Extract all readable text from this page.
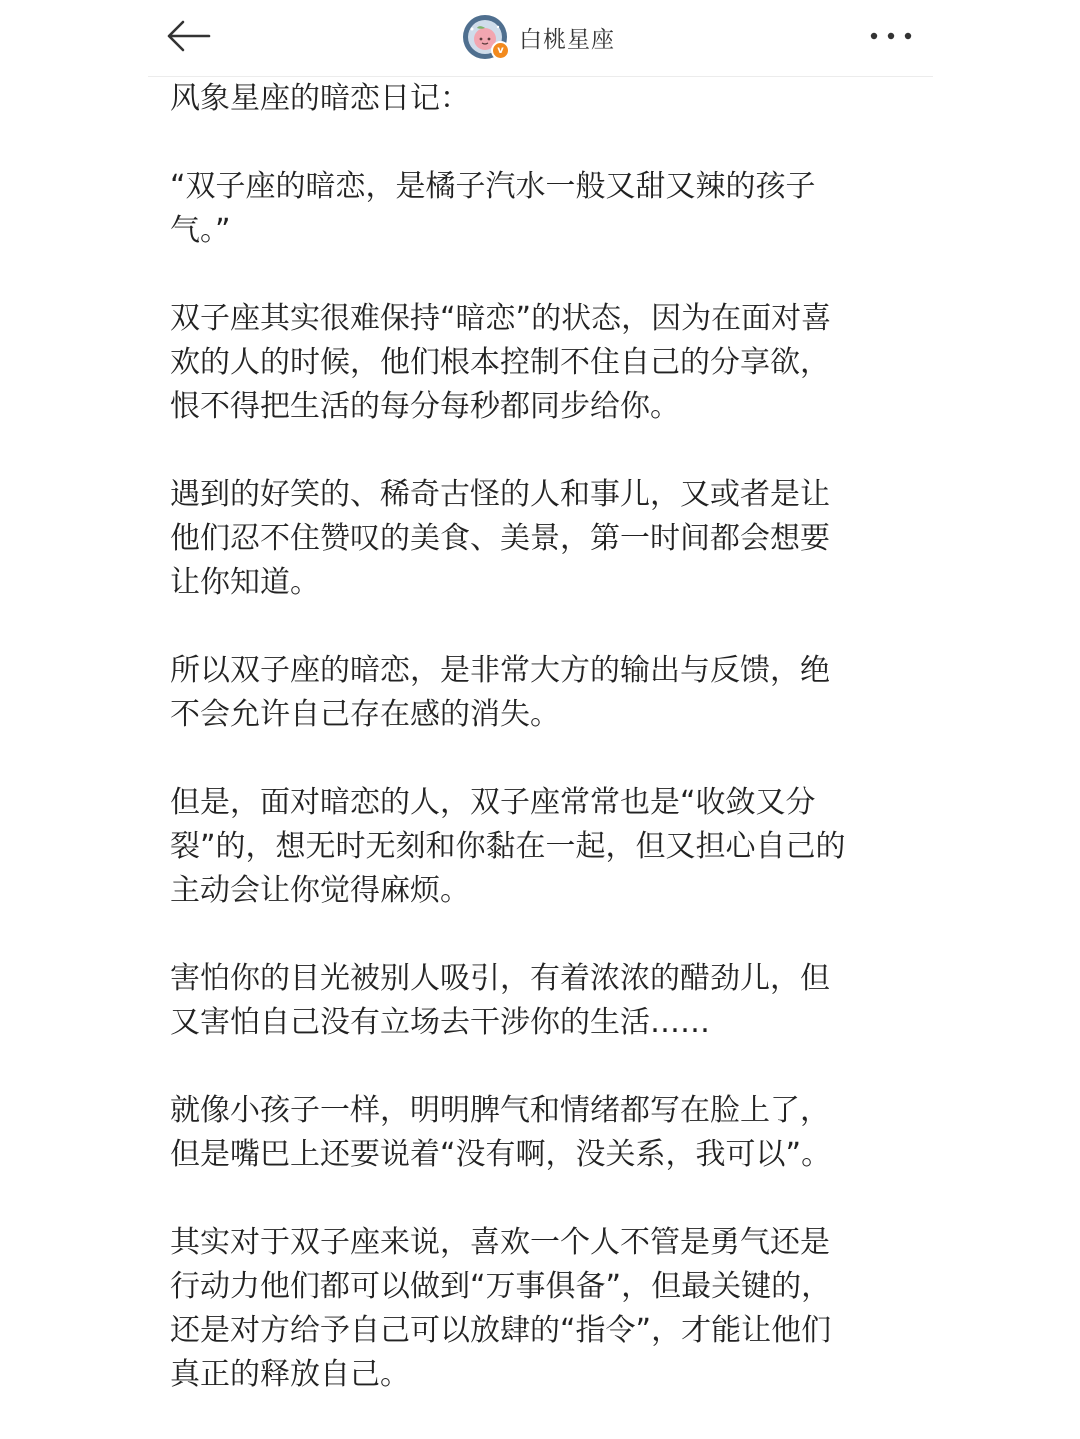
v 白桃星座

风象星座的暗恋日记：

“双子座的暗恋，是橘子汽水一般又甜又辣的孩子
气。”

双子座其实很难保持“暗恋”的状态，因为在面对喜
欢的人的时候，他们根本控制不住自己的分享欲，
恨不得把生活的每分每秒都同步给你。

遇到的好笑的、稀奇古怪的人和事儿，又或者是让
他们忍不住赞叹的美食、美景，第一时间都会想要
让你知道。

所以双子座的暗恋，是非常大方的输出与反馈，绝
不会允许自己存在感的消失。

但是，面对暗恋的人，双子座常常也是“收敛又分
裂”的，想无时无刻和你黏在一起，但又担心自己的
主动会让你觉得麻烦。

害怕你的目光被别人吸引，有着浓浓的醋劲儿，但
又害怕自己没有立场去干涉你的生活……

就像小孩子一样，明明脾气和情绪都写在脸上了，
但是嘴巴上还要说着“没有啊，没关系，我可以”。

其实对于双子座来说，喜欢一个人不管是勇气还是
行动力他们都可以做到“万事俱备”，但最关键的，
还是对方给予自己可以放肆的“指令”，才能让他们
真正的释放自己。
